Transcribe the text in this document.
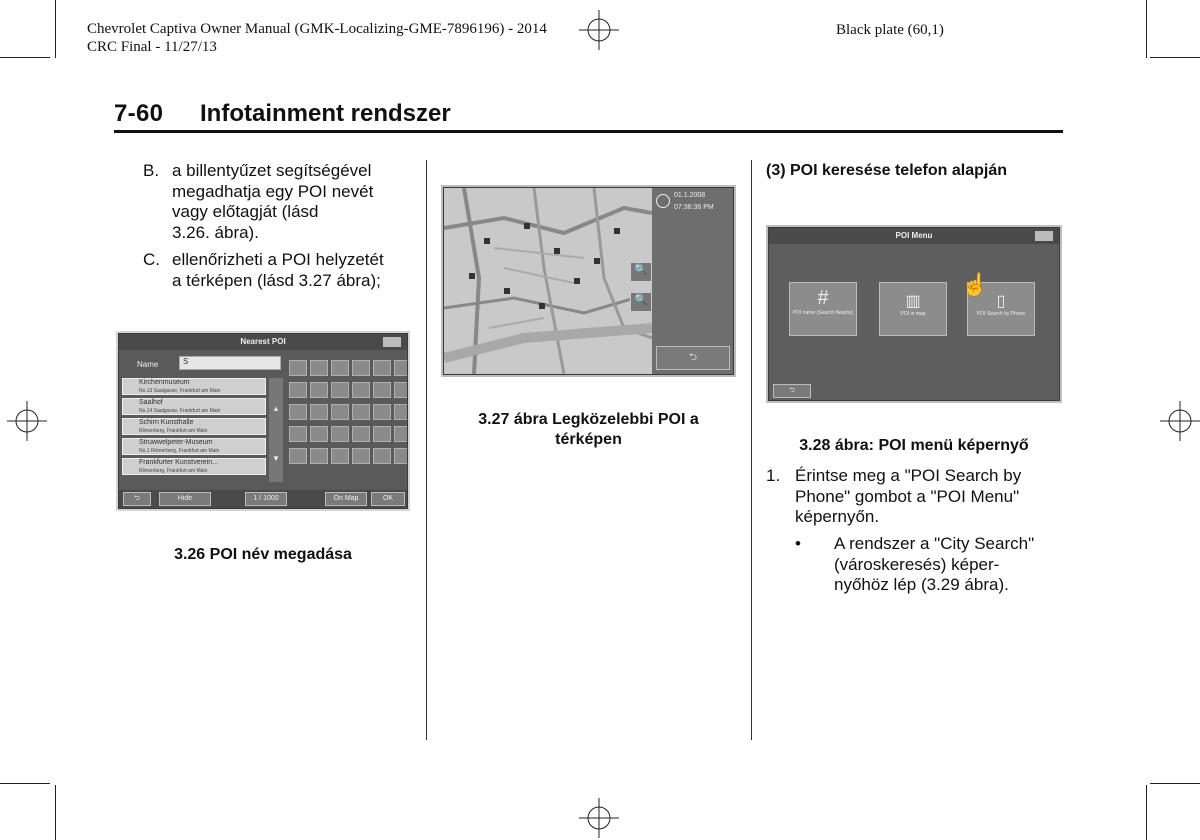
Chevrolet Captiva Owner Manual (GMK-Localizing-GME-7896196) - 2014
CRC Final - 11/27/13
Black plate (60,1)
7-60 Infotainment rendszer
B. a billentyűzet segítségével
megadhatja egy POI nevét
vagy előtagját (lásd
3.26. ábra).
C. ellenőrizheti a POI helyzetét
a térképen (lásd 3.27 ábra);
Nearest POI
Name	S
Kirchenmuseum
No.13 Saalgasse, Frankfurt am Main
Saalhof
No.14 Saalgasse, Frankfurt am Main
Schirn Kunsthalle
Römerberg, Frankfurt am Main
Struwwelpeter-Museum
No.1 Römerberg, Frankfurt am Main
Frankfurter Kunstverein...
Römerberg, Frankfurt am Main
▲
▼
⮌	Hide	1 / 1000	On Map	OK
3.26 POI név megadása
🔍
🔍
01.1.2008
07:36:36 PM
⮌
3.27 ábra Legközelebbi POI a
térképen
(3) POI keresése telefon alapján
POI Menu
#
POI name (Search Nearby)
▥
POI in map
▯
POI Search by Phone
☝
⮌
3.28 ábra: POI menü képernyő
1. Érintse meg a "POI Search by
Phone" gombot a "POI Menu"
képernyőn.
• A rendszer a "City Search"
(városkeresés) képer-
nyőhöz lép (3.29 ábra).
